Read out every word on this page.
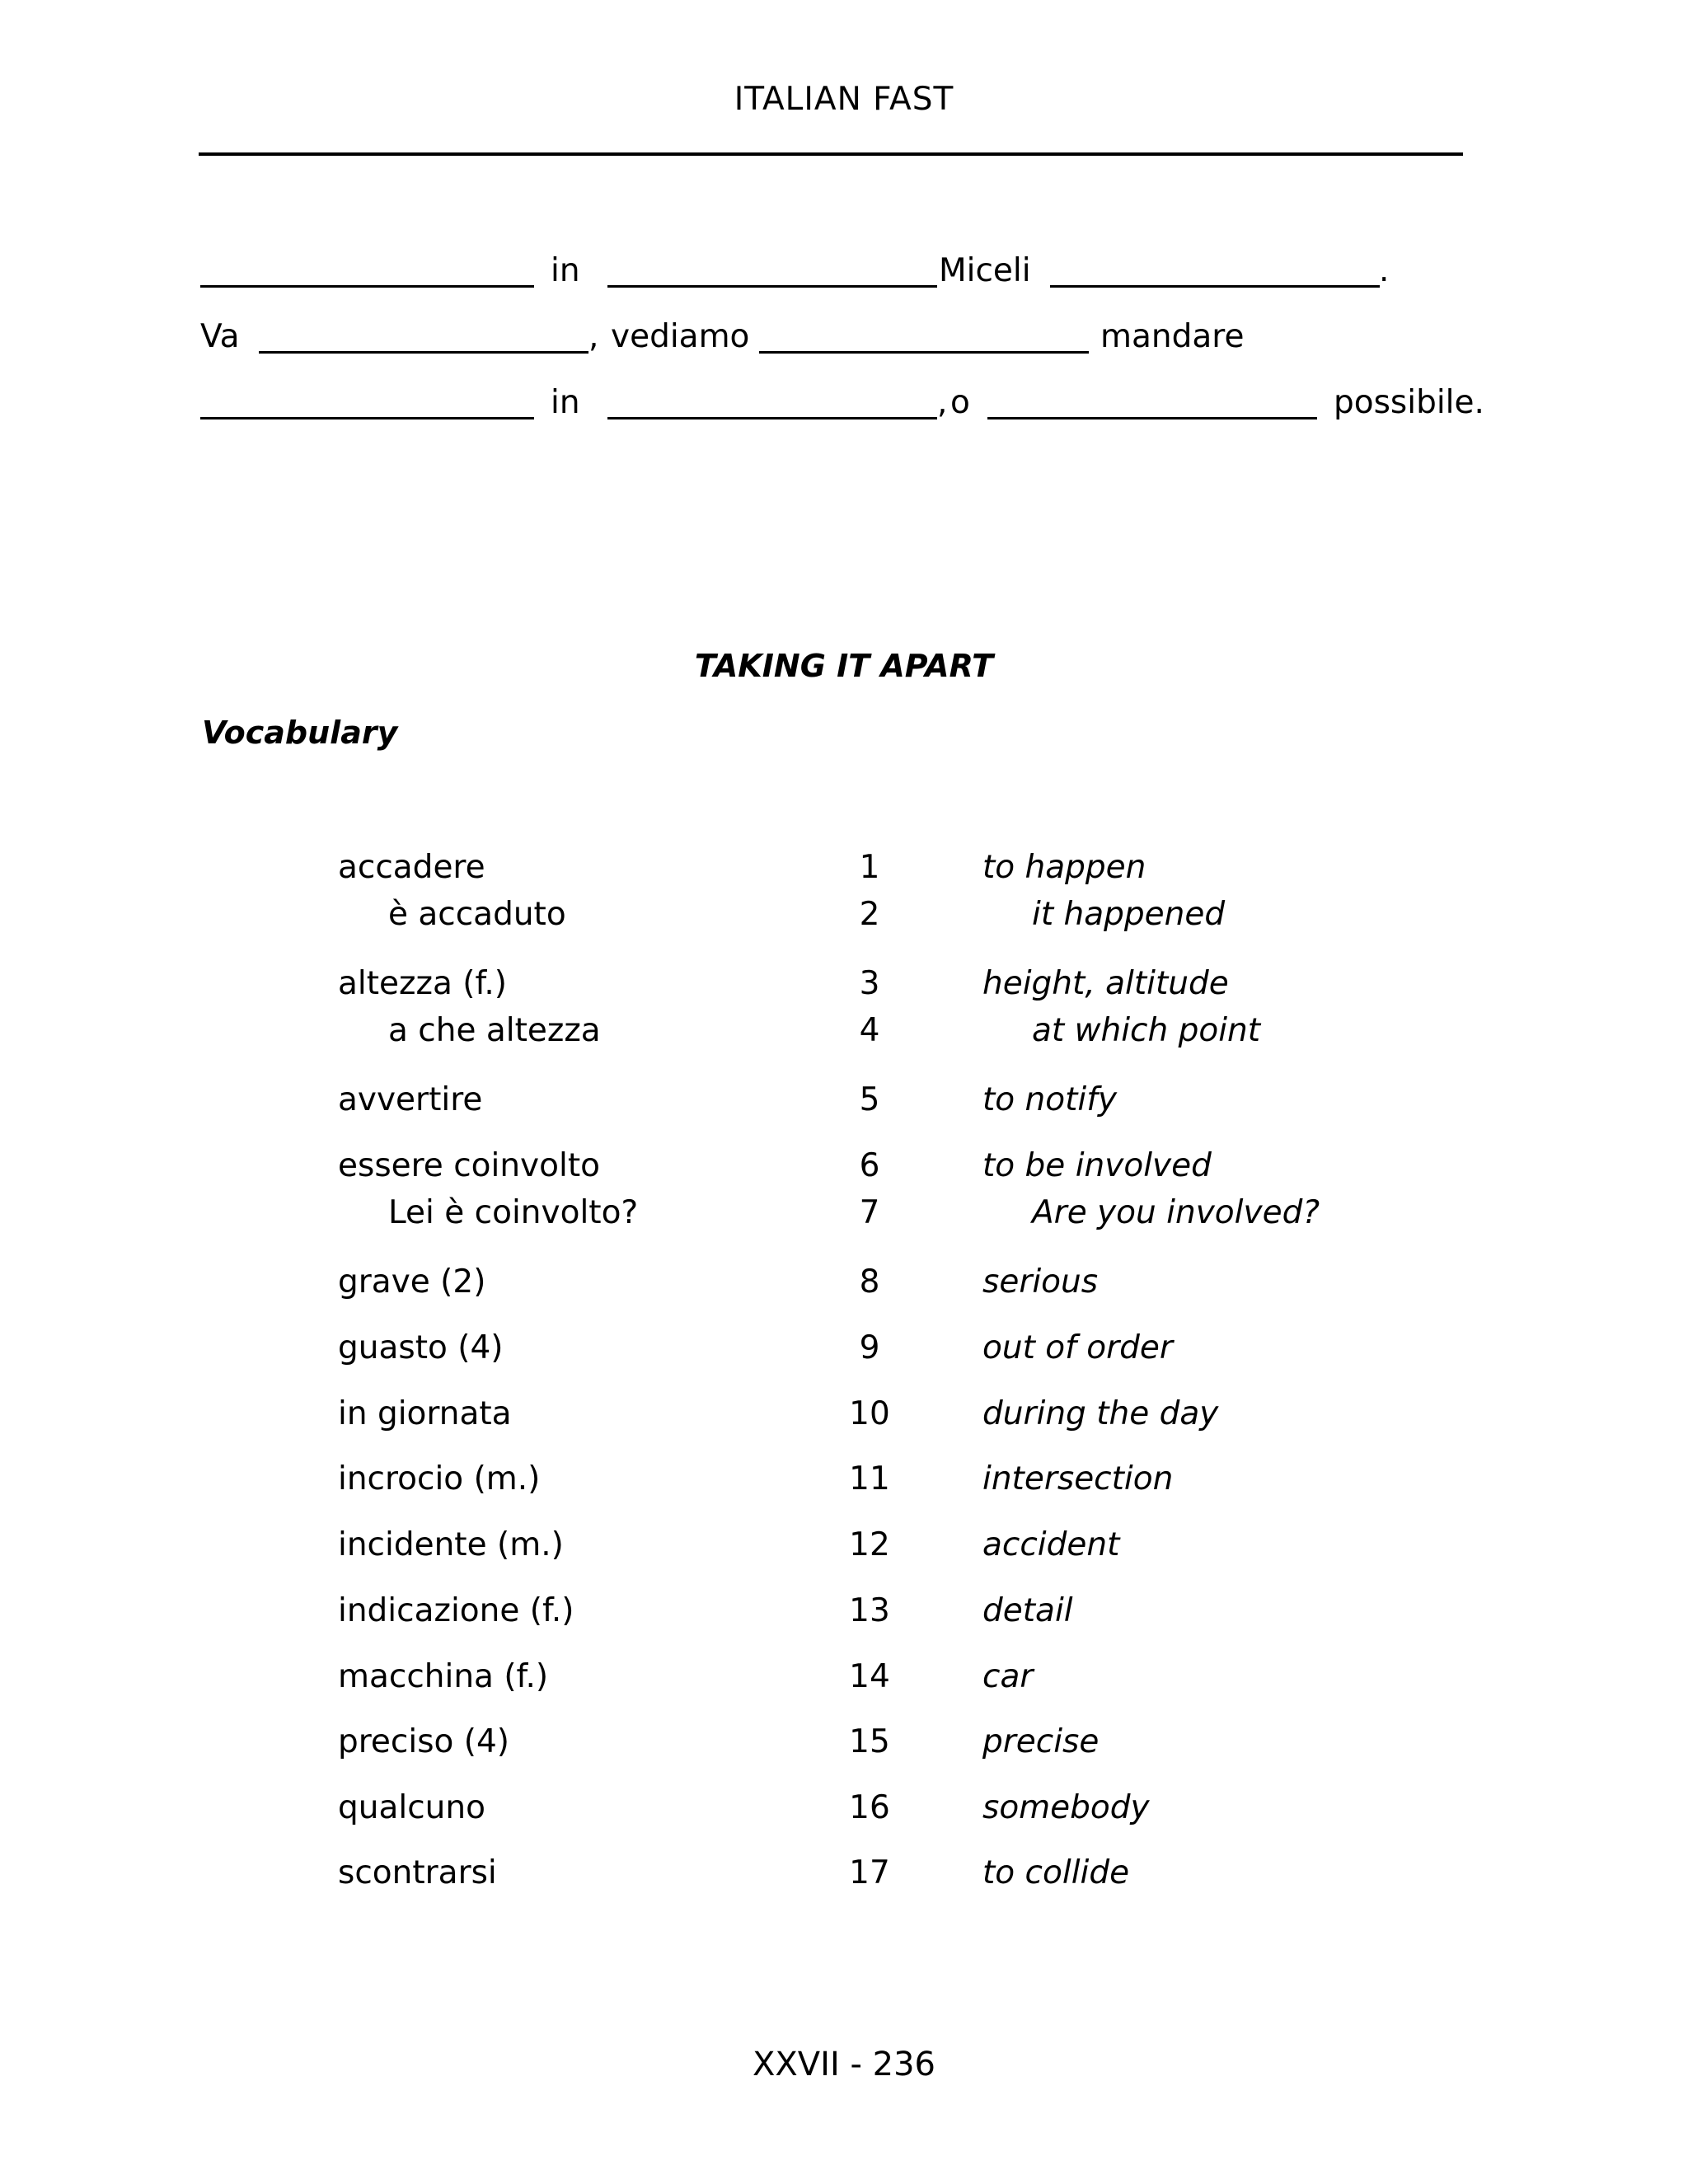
ITALIAN FAST
in	Miceli	.
Va	, vediamo	mandare
in	, o	possibile.
TAKING IT APART
Vocabulary
accadere	1	to happen
è accaduto	2	it happened
altezza (f.)	3	height, altitude
a che altezza	4	at which point
avvertire	5	to notify
essere coinvolto	6	to be involved
Lei è coinvolto?	7	Are you involved?
grave (2)	8	serious
guasto (4)	9	out of order
in giornata	10	during the day
incrocio (m.)	11	intersection
incidente (m.)	12	accident
indicazione (f.)	13	detail
macchina (f.)	14	car
preciso (4)	15	precise
qualcuno	16	somebody
scontrarsi	17	to collide
XXVII - 236
